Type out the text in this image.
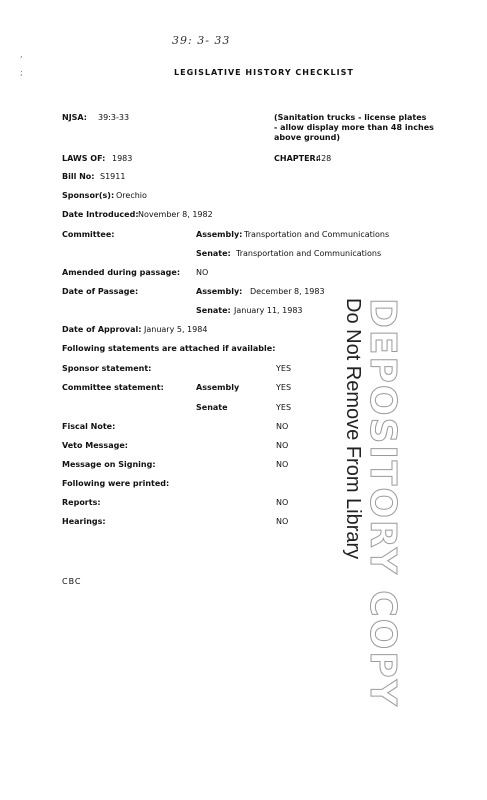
39: 3- 33
,
;	LEGISLATIVE HISTORY CHECKLIST
NJSA: 39:3-33	(Sanitation trucks - license plates
- allow display more than 48 inches
above ground)
LAWS OF: 1983	CHAPTER:
428
Bill No: S1911
Sponsor(s): Orechio
Date Introduced: November 8, 1982
Committee:	Assembly: Transportation and Communications
Senate: Transportation and Communications
Amended during passage: NO
Date of Passage:	Assembly: December 8, 1983
Senate: January 11, 1983
Date of Approval: January 5, 1984
Following statements are attached if available:
Sponsor statement:	YES
Committee statement:	Assembly	YES
Senate	YES
Fiscal Note:	NO
Veto Message:	NO
Message on Signing:	NO
Following were printed:
Reports:	NO
Hearings:	NO
CBC	DEPOSITORY COPY
Do Not Remove From Library
